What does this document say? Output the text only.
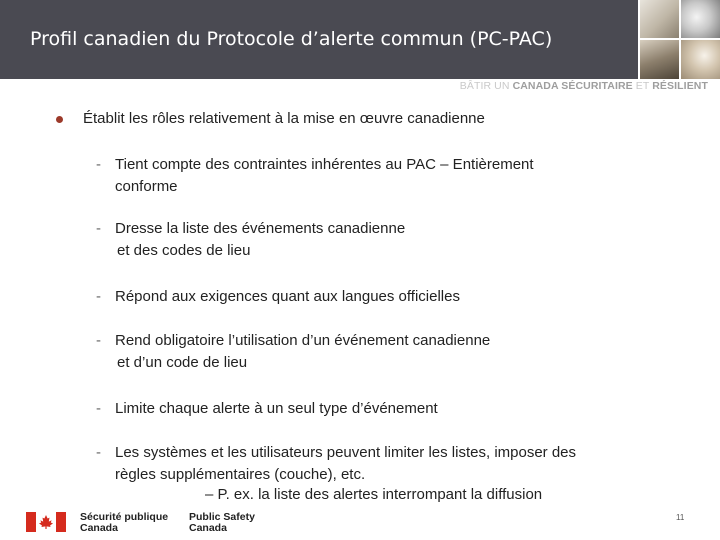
Profil canadien du Protocole d’alerte commun (PC-PAC)
BÂTIR UN CANADA SÉCURITAIRE ET RÉSILIENT
Établit les rôles relativement à la mise en œuvre canadienne
- Tient compte des contraintes inhérentes au PAC – Entièrement
conforme
- Dresse la liste des événements canadienne
et des codes de lieu
- Répond aux exigences quant aux langues officielles
- Rend obligatoire l’utilisation d’un événement canadienne
et d’un code de lieu
- Limite chaque alerte à un seul type d’événement
- Les systèmes et les utilisateurs peuvent limiter les listes, imposer des
règles supplémentaires (couche), etc.
– P. ex. la liste des alertes interrompant la diffusion
Sécurité publique
Canada
Public Safety
Canada
11
